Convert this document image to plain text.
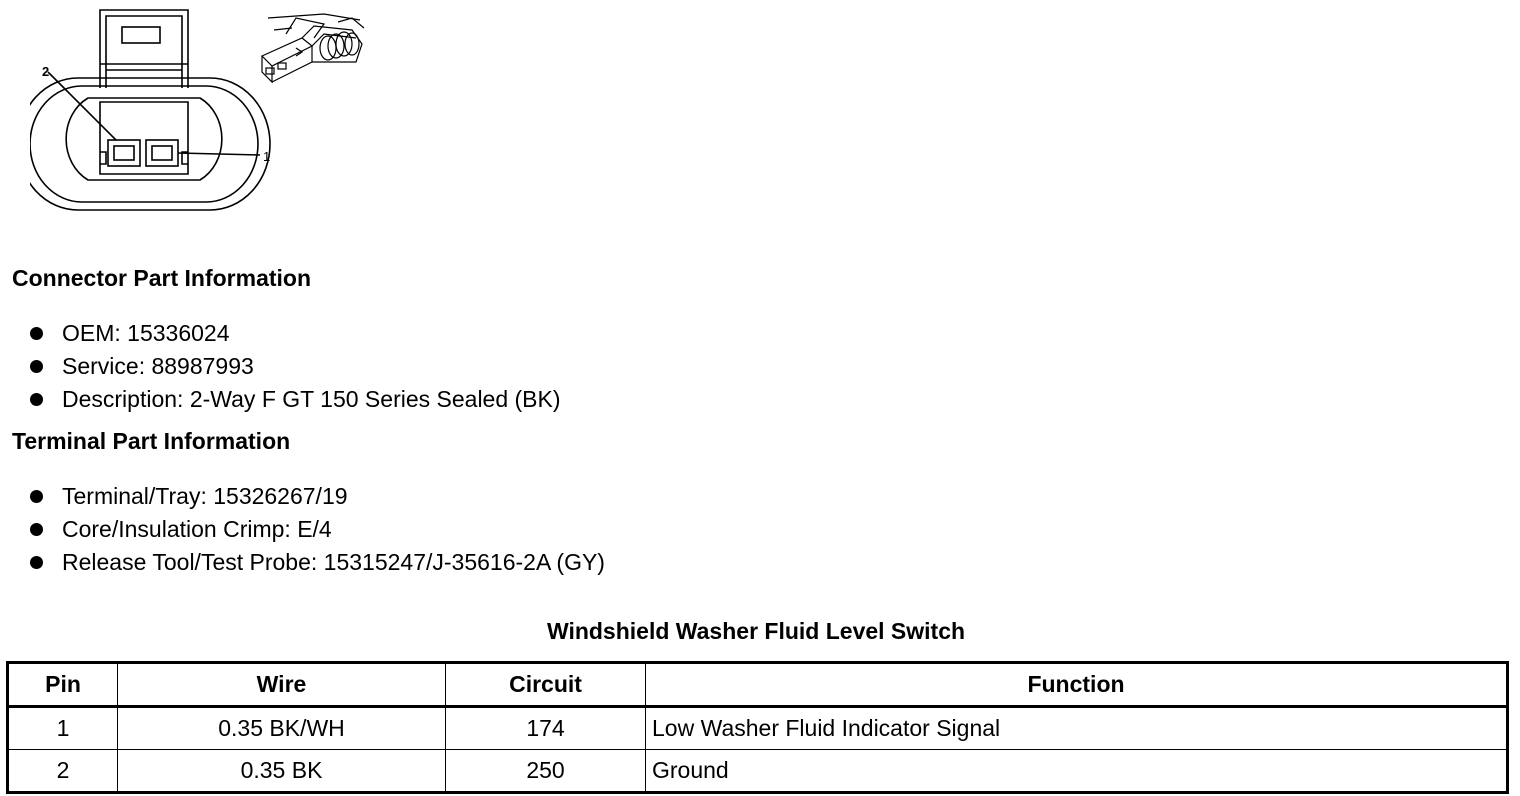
2
1
Connector Part Information
OEM: 15336024
Service: 88987993
Description: 2-Way F GT 150 Series Sealed (BK)
Terminal Part Information
Terminal/Tray: 15326267/19
Core/Insulation Crimp: E/4
Release Tool/Test Probe: 15315247/J-35616-2A (GY)
Windshield Washer Fluid Level Switch
Pin	Wire	Circuit	Function
1	0.35 BK/WH	174	Low Washer Fluid Indicator Signal
2	0.35 BK	250	Ground
